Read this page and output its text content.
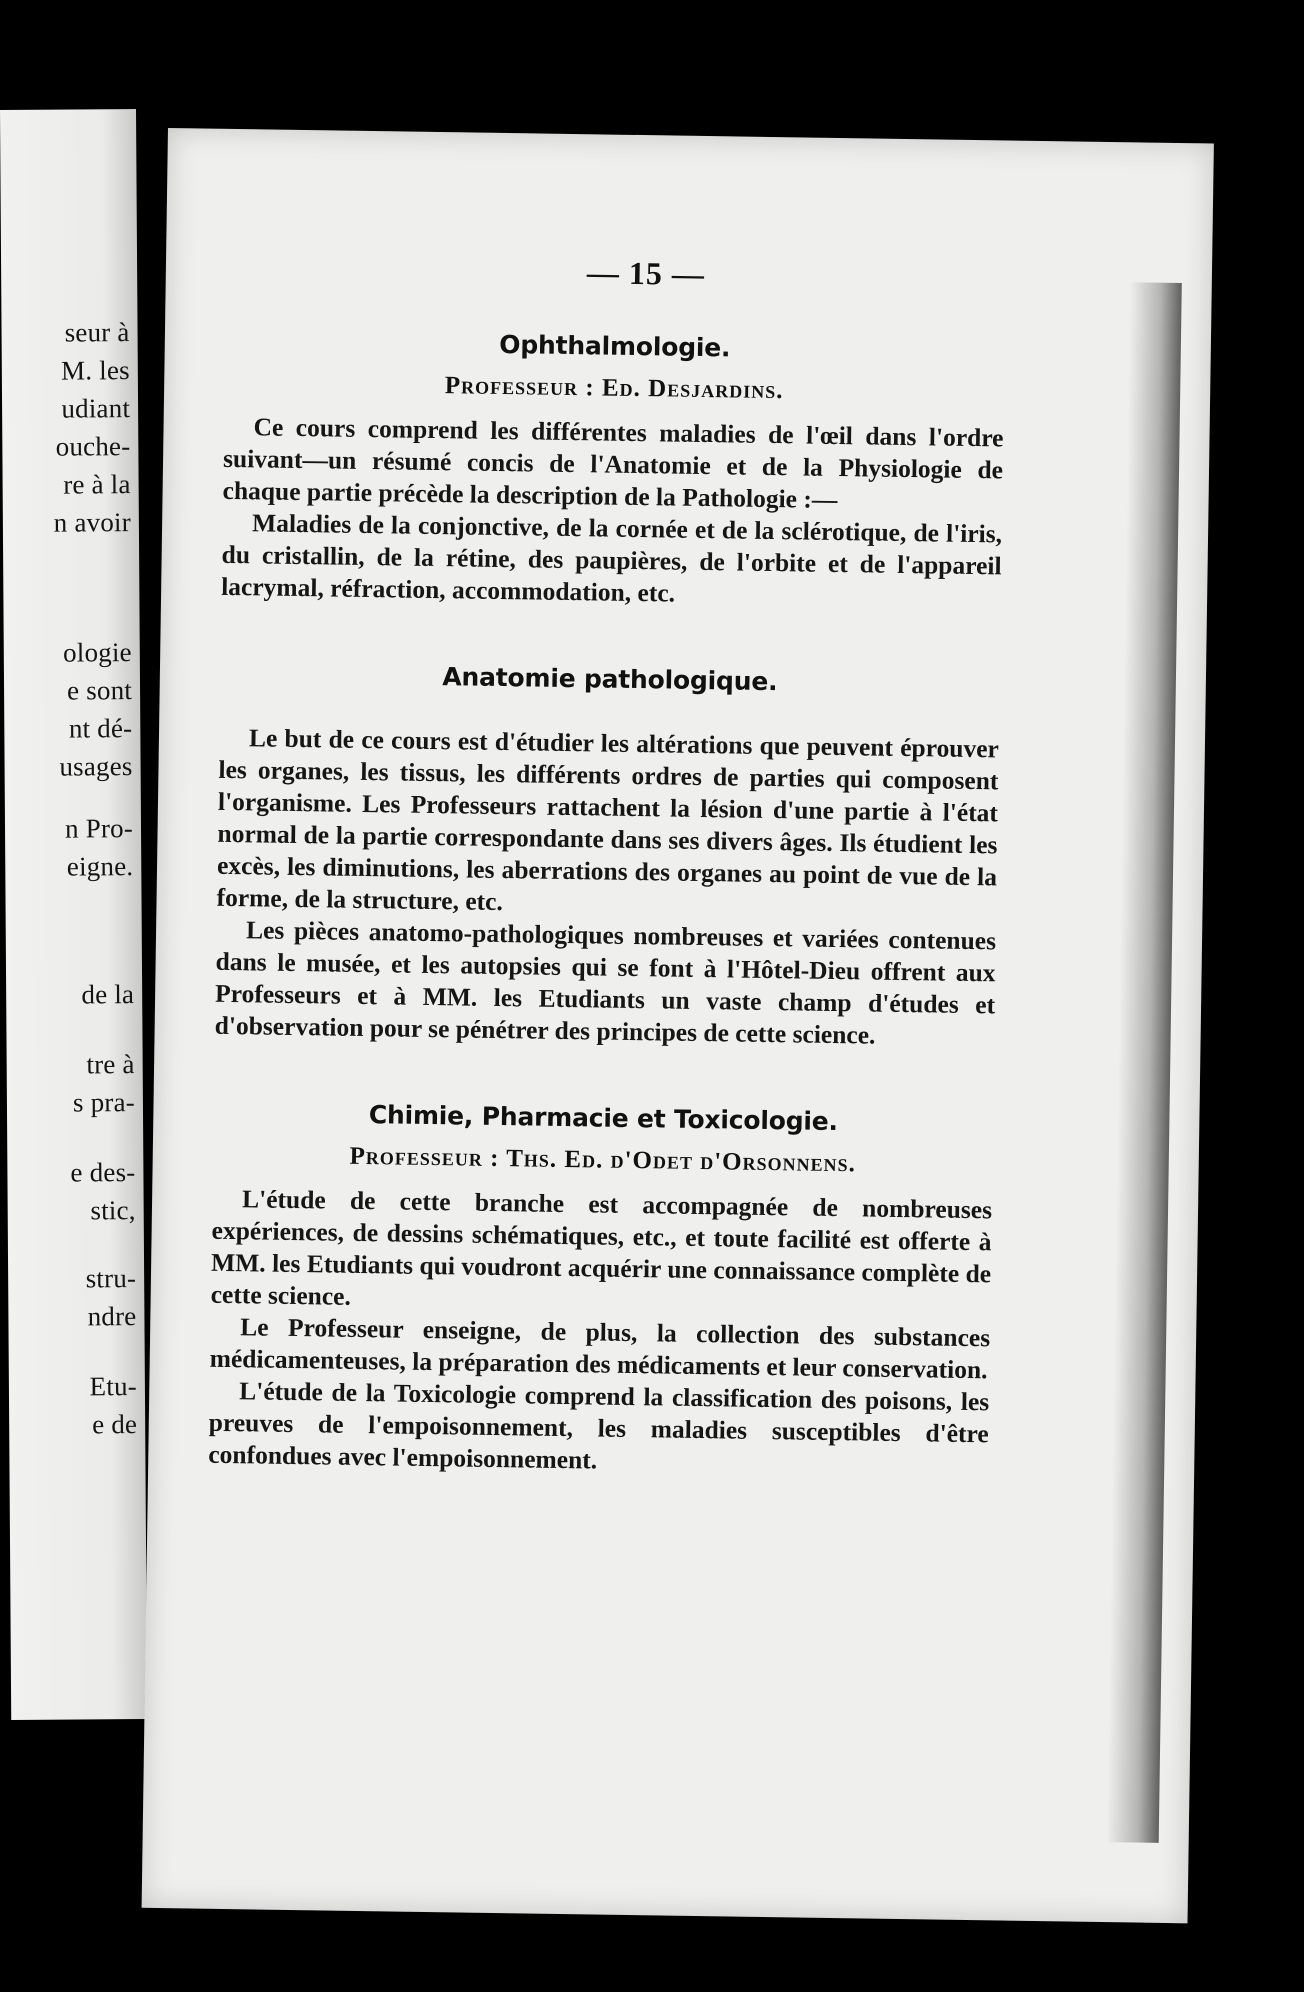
seur à
M. les
udiant
ouche-
re à la
n avoir
ologie
e sont
nt dé-
usages
n Pro-
eigne.
de la
tre à
s pra-
e des-
stic,
stru-
ndre
Etu-
e de
— 15 —
Ophthalmologie.
Professeur : Ed. Desjardins.

Ce cours comprend les différentes maladies de l'œil dans l'ordre suivant—un résumé concis de l'Anatomie et de la Physiologie de chaque partie précède la description de la Pathologie :—

Maladies de la conjonctive, de la cornée et de la sclérotique, de l'iris, du cristallin, de la rétine, des paupières, de l'orbite et de l'appareil lacrymal, réfraction, accommodation, etc.

Anatomie pathologique.

Le but de ce cours est d'étudier les altérations que peuvent éprouver les organes, les tissus, les différents ordres de parties qui composent l'organisme. Les Professeurs rattachent la lésion d'une partie à l'état normal de la partie correspondante dans ses divers âges. Ils étudient les excès, les diminutions, les aberrations des organes au point de vue de la forme, de la structure, etc.

Les pièces anatomo-pathologiques nombreuses et variées contenues dans le musée, et les autopsies qui se font à l'Hôtel-Dieu offrent aux Professeurs et à MM. les Etudiants un vaste champ d'études et d'observation pour se pénétrer des principes de cette science.

Chimie, Pharmacie et Toxicologie.
Professeur : Ths. Ed. d'Odet d'Orsonnens.

L'étude de cette branche est accompagnée de nombreuses expériences, de dessins schématiques, etc., et toute facilité est offerte à MM. les Etudiants qui voudront acquérir une connaissance complète de cette science.

Le Professeur enseigne, de plus, la collection des substances médicamenteuses, la préparation des médicaments et leur conservation.

L'étude de la Toxicologie comprend la classification des poisons, les preuves de l'empoisonnement, les maladies susceptibles d'être confondues avec l'empoisonnement.
